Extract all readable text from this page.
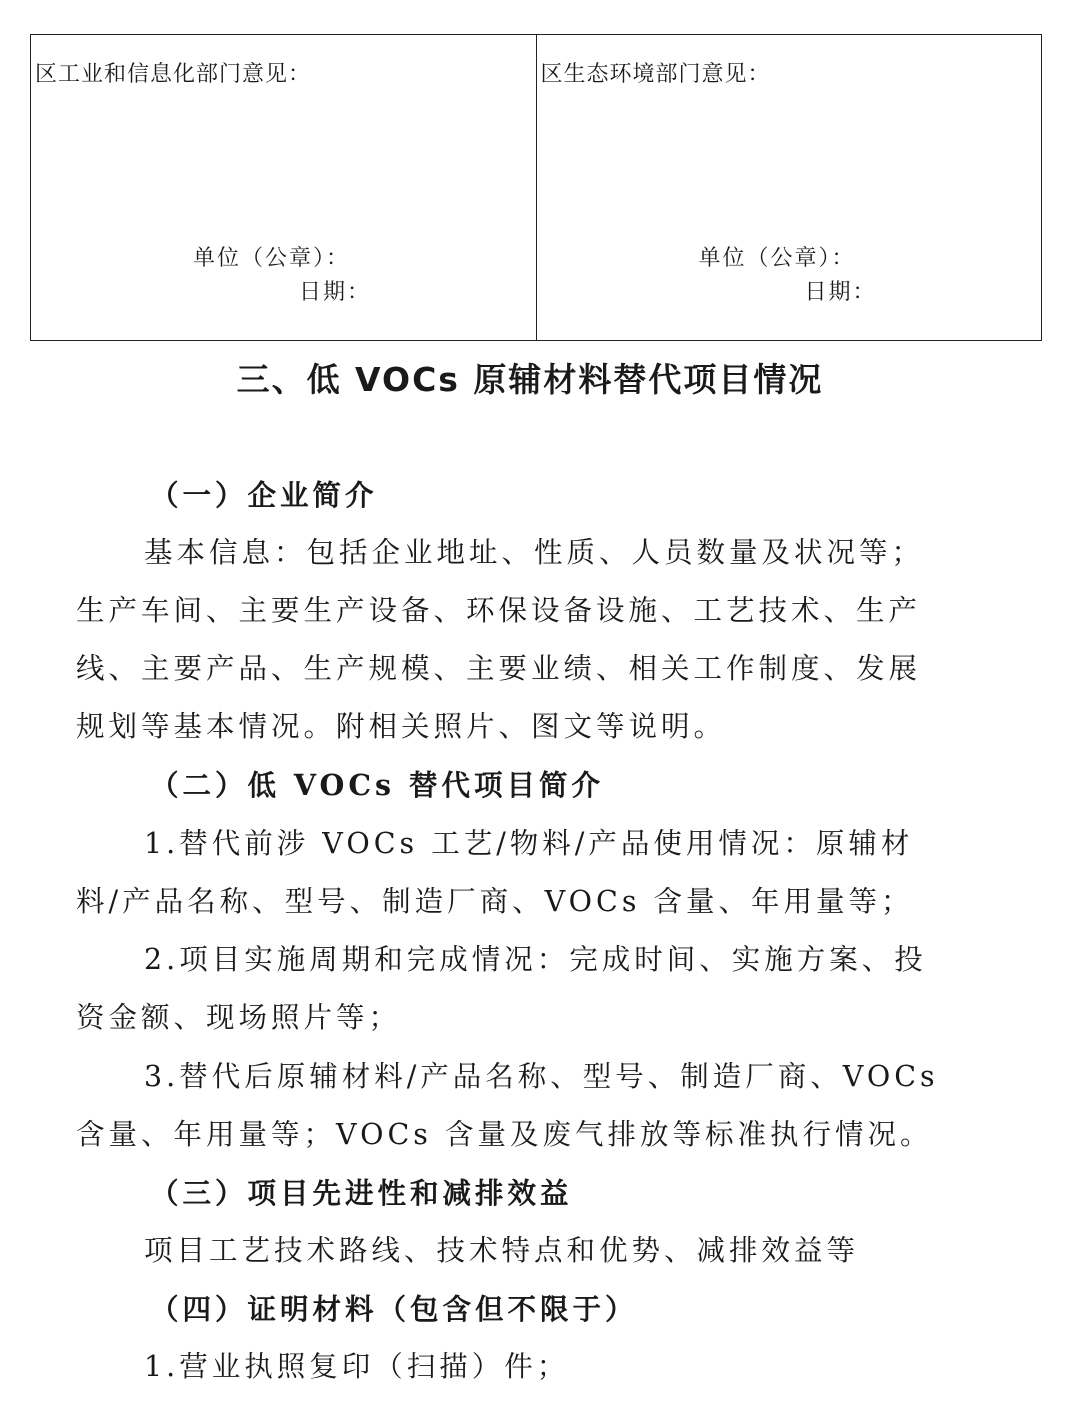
区工业和信息化部门意见：
单位（公章）：
日期：
区生态环境部门意见：
单位（公章）：
日期：
三、低 VOCs 原辅材料替代项目情况
（一）企业简介

基本信息：包括企业地址、性质、人员数量及状况等；生产车间、主要生产设备、环保设备设施、工艺技术、生产线、主要产品、生产规模、主要业绩、相关工作制度、发展规划等基本情况。附相关照片、图文等说明。

（二）低 VOCs 替代项目简介

1.替代前涉 VOCs 工艺/物料/产品使用情况：原辅材料/产品名称、型号、制造厂商、VOCs 含量、年用量等；

2.项目实施周期和完成情况：完成时间、实施方案、投资金额、现场照片等；

3.替代后原辅材料/产品名称、型号、制造厂商、VOCs 含量、年用量等；VOCs 含量及废气排放等标准执行情况。

（三）项目先进性和减排效益

项目工艺技术路线、技术特点和优势、减排效益等

（四）证明材料（包含但不限于）

1.营业执照复印（扫描）件；
